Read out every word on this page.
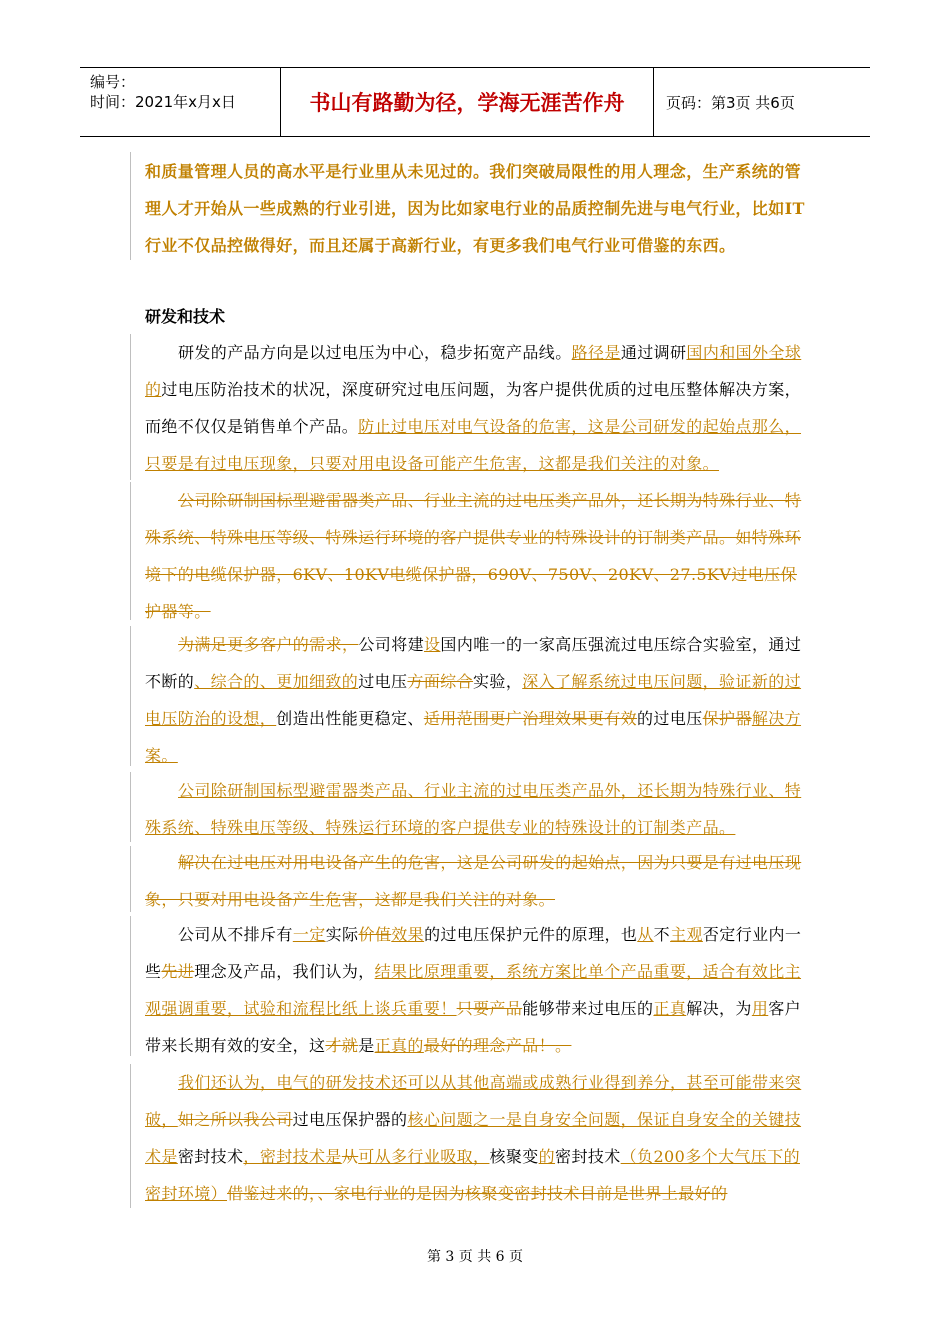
编号：
时间：2021年x月x日	书山有路勤为径，学海无涯苦作舟	页码：第3页 共6页
和质量管理人员的高水平是行业里从未见过的。我们突破局限性的用人理念，生产系统的管理人才开始从一些成熟的行业引进，因为比如家电行业的品质控制先进与电气行业，比如IT行业不仅品控做得好，而且还属于高新行业，有更多我们电气行业可借鉴的东西。
研发和技术
研发的产品方向是以过电压为中心，稳步拓宽产品线。路径是通过调研国内和国外全球的过电压防治技术的状况，深度研究过电压问题，为客户提供优质的过电压整体解决方案，而绝不仅仅是销售单个产品。防止过电压对电气设备的危害，这是公司研发的起始点那么，只要是有过电压现象，只要对用电设备可能产生危害，这都是我们关注的对象。
公司除研制国标型避雷器类产品、行业主流的过电压类产品外，还长期为特殊行业、特殊系统、特殊电压等级、特殊运行环境的客户提供专业的特殊设计的订制类产品。如特殊环境下的电缆保护器，6KV、10KV电缆保护器，690V、750V、20KV、27.5KV过电压保护器等。
为满足更多客户的需求，公司将建设国内唯一的一家高压强流过电压综合实验室，通过不断的、综合的、更加细致的过电压方面综合实验，深入了解系统过电压问题，验证新的过电压防治的设想，创造出性能更稳定、适用范围更广治理效果更有效的过电压保护器解决方案。
公司除研制国标型避雷器类产品、行业主流的过电压类产品外，还长期为特殊行业、特殊系统、特殊电压等级、特殊运行环境的客户提供专业的特殊设计的订制类产品。
解决在过电压对用电设备产生的危害，这是公司研发的起始点，因为只要是有过电压现象，只要对用电设备产生危害，这都是我们关注的对象。
公司从不排斥有一定实际价值效果的过电压保护元件的原理，也从不主观否定行业内一些先进理念及产品，我们认为，结果比原理重要，系统方案比单个产品重要，适合有效比主观强调重要，试验和流程比纸上谈兵重要！只要产品能够带来过电压的正真解决，为用客户带来长期有效的安全，这才就是正真的最好的理念产品！。
我们还认为，电气的研发技术还可以从其他高端或成熟行业得到养分，甚至可能带来突破，如之所以我公司过电压保护器的核心问题之一是自身安全问题，保证自身安全的关键技术是密封技术，密封技术是从可从多行业吸取，核聚变的密封技术（负200多个大气压下的密封环境）借鉴过来的，、家电行业的是因为核聚变密封技术目前是世界上最好的
第 3 页 共 6 页
